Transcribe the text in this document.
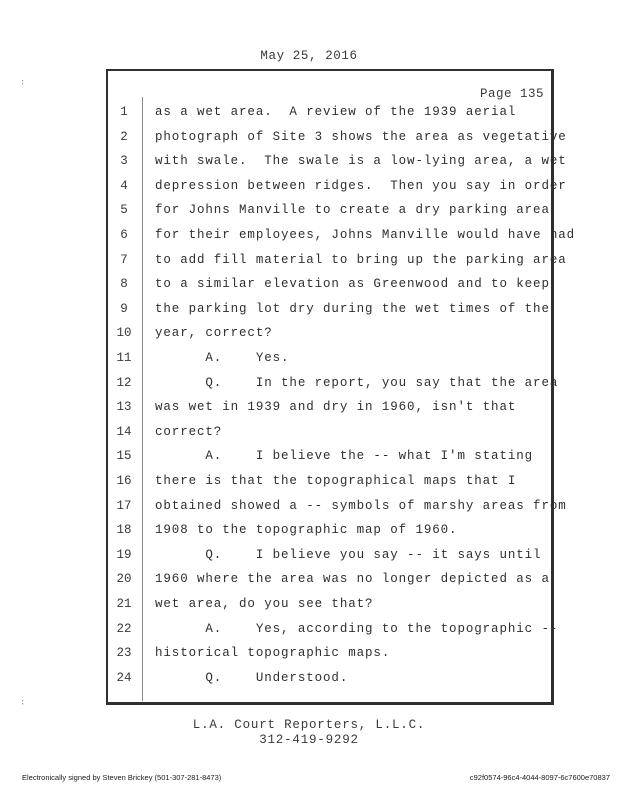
May 25, 2016
Page 135
1	as a wet area.  A review of the 1939 aerial
2	photograph of Site 3 shows the area as vegetative
3	with swale.  The swale is a low-lying area, a wet
4	depression between ridges.  Then you say in order
5	for Johns Manville to create a dry parking area
6	for their employees, Johns Manville would have had
7	to add fill material to bring up the parking area
8	to a similar elevation as Greenwood and to keep
9	the parking lot dry during the wet times of the
10	year, correct?
11	A.    Yes.
12	Q.    In the report, you say that the area
13	was wet in 1939 and dry in 1960, isn't that
14	correct?
15	A.    I believe the -- what I'm stating
16	there is that the topographical maps that I
17	obtained showed a -- symbols of marshy areas from
18	1908 to the topographic map of 1960.
19	Q.    I believe you say -- it says until
20	1960 where the area was no longer depicted as a
21	wet area, do you see that?
22	A.    Yes, according to the topographic --
23	historical topographic maps.
24	Q.    Understood.
L.A. Court Reporters, L.L.C.
312-419-9292
Electronically signed by Steven Brickey (501-307-281-8473)	c92f0574-96c4-4044-8097-6c7600e70837
∶
∶
